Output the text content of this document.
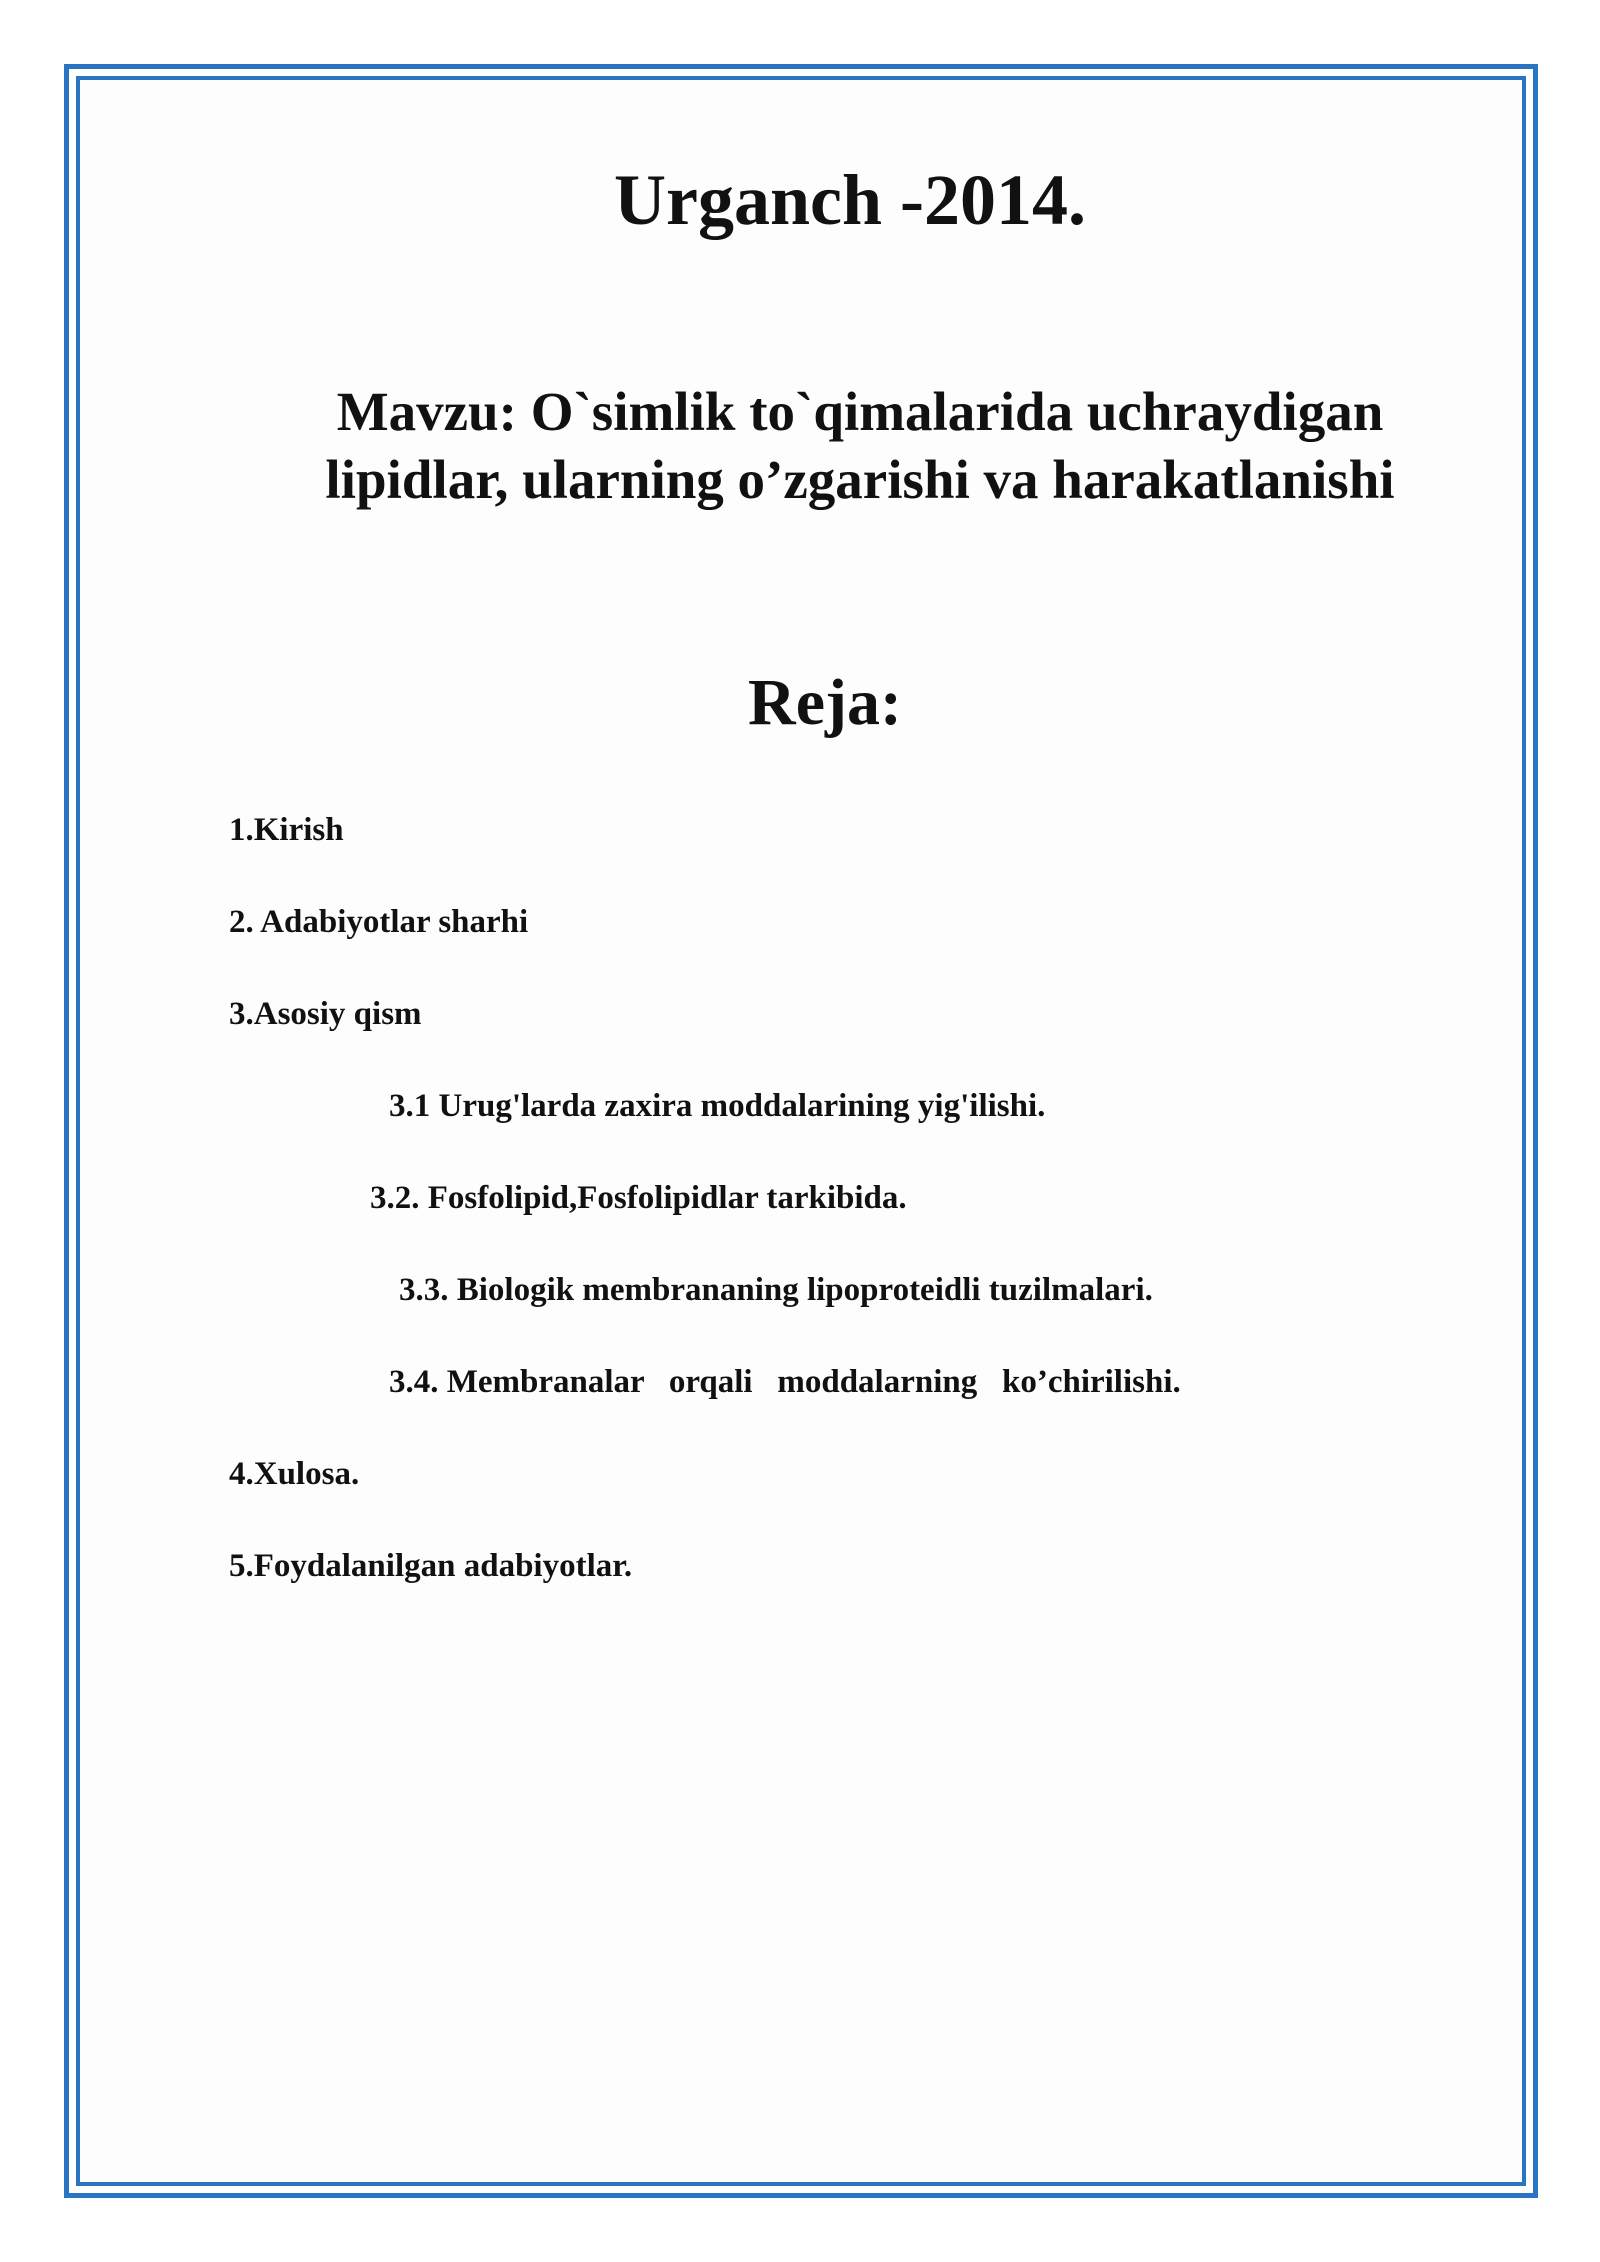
Urganch -2014.
Mavzu: O`simlik to`qimalarida uchraydigan
lipidlar, ularning o’zgarishi va harakatlanishi
Reja:

1.Kirish

2. Adabiyotlar sharhi

3.Asosiy qism

3.1 Urug'larda zaxira moddalarining yig'ilishi.

3.2. Fosfolipid,Fosfolipidlar tarkibida.

3.3. Biologik membrananing lipoproteidli tuzilmalari.

3.4. Membranalar   orqali   moddalarning   ko’chirilishi.

4.Xulosa.

5.Foydalanilgan adabiyotlar.
